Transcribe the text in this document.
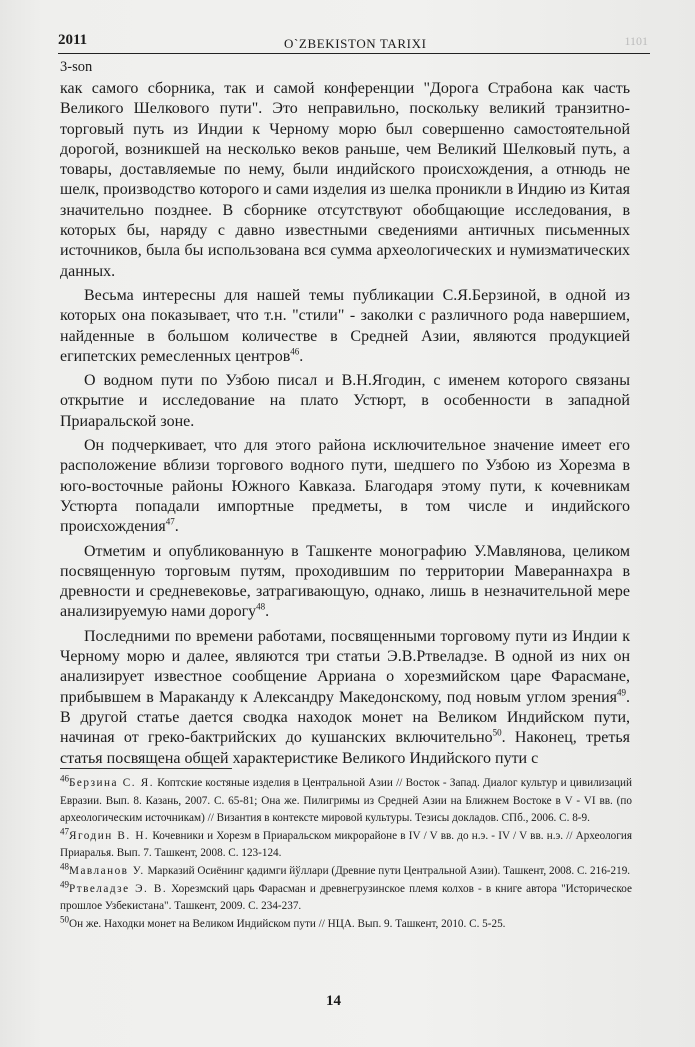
2011	O`ZBEKISTON TARIXI	1101
3-son

как самого сборника, так и самой конференции "Дорога Страбона как часть Великого Шелкового пути". Это неправильно, поскольку великий транзитно-торговый путь из Индии к Черному морю был совершенно самостоятельной дорогой, возникшей на несколько веков раньше, чем Великий Шелковый путь, а товары, доставляемые по нему, были индийского происхождения, а отнюдь не шелк, производство которого и сами изделия из шелка проникли в Индию из Китая значительно позднее. В сборнике отсутствуют обобщающие исследования, в которых бы, наряду с давно известными сведениями античных письменных источников, была бы использована вся сумма археологических и нумизматических данных.

Весьма интересны для нашей темы публикации С.Я.Берзиной, в одной из которых она показывает, что т.н. "стили" - заколки с различного рода навершием, найденные в большом количестве в Средней Азии, являются продукцией египетских ремесленных центров$^{46}$.

О водном пути по Узбою писал и В.Н.Ягодин, с именем которого связаны открытие и исследование на плато Устюрт, в особенности в западной Приаральской зоне.

Он подчеркивает, что для этого района исключительное значение имеет его расположение вблизи торгового водного пути, шедшего по Узбою из Хорезма в юго-восточные районы Южного Кавказа. Благодаря этому пути, к кочевникам Устюрта попадали импортные предметы, в том числе и индийского происхождения$^{47}$.

Отметим и опубликованную в Ташкенте монографию У.Мавлянова, целиком посвященную торговым путям, проходившим по территории Мавераннахра в древности и средневековье, затрагивающую, однако, лишь в незначительной мере анализируемую нами дорогу$^{48}$.

Последними по времени работами, посвященными торговому пути из Индии к Черному морю и далее, являются три статьи Э.В.Ртвеладзе. В одной из них он анализирует известное сообщение Арриана о хорезмийском царе Фарасмане, прибывшем в Мараканду к Александру Македонскому, под новым углом зрения$^{49}$. В другой статье дается сводка находок монет на Великом Индийском пути, начиная от греко-бактрийских до кушанских включительно$^{50}$. Наконец, третья статья посвящена общей характеристике Великого Индийского пути с

$^{46}$Берзина С. Я. Коптские костяные изделия в Центральной Азии // Восток - Запад. Диалог культур и цивилизаций Евразии. Вып. 8. Казань, 2007. С. 65-81; Она же. Пилигримы из Средней Азии на Ближнем Востоке в V - VI вв. (по археологическим источникам) // Византия в контексте мировой культуры. Тезисы докладов. СПб., 2006. С. 8-9.

$^{47}$Ягодин В. Н. Кочевники и Хорезм в Приаральском микрорайоне в IV / V вв. до н.э. - IV / V вв. н.э. // Археология Приаралья. Вып. 7. Ташкент, 2008. С. 123-124.

$^{48}$Мавланов У. Марказий Осиёнинг қадимги йўллари (Древние пути Центральной Азии). Ташкент, 2008. С. 216-219.

$^{49}$Ртвеладзе Э. В. Хорезмский царь Фарасман и древнегрузинское племя колхов - в книге автора "Историческое прошлое Узбекистана". Ташкент, 2009. С. 234-237.

$^{50}$Он же. Находки монет на Великом Индийском пути // НЦА. Вып. 9. Ташкент, 2010. С. 5-25.

14
